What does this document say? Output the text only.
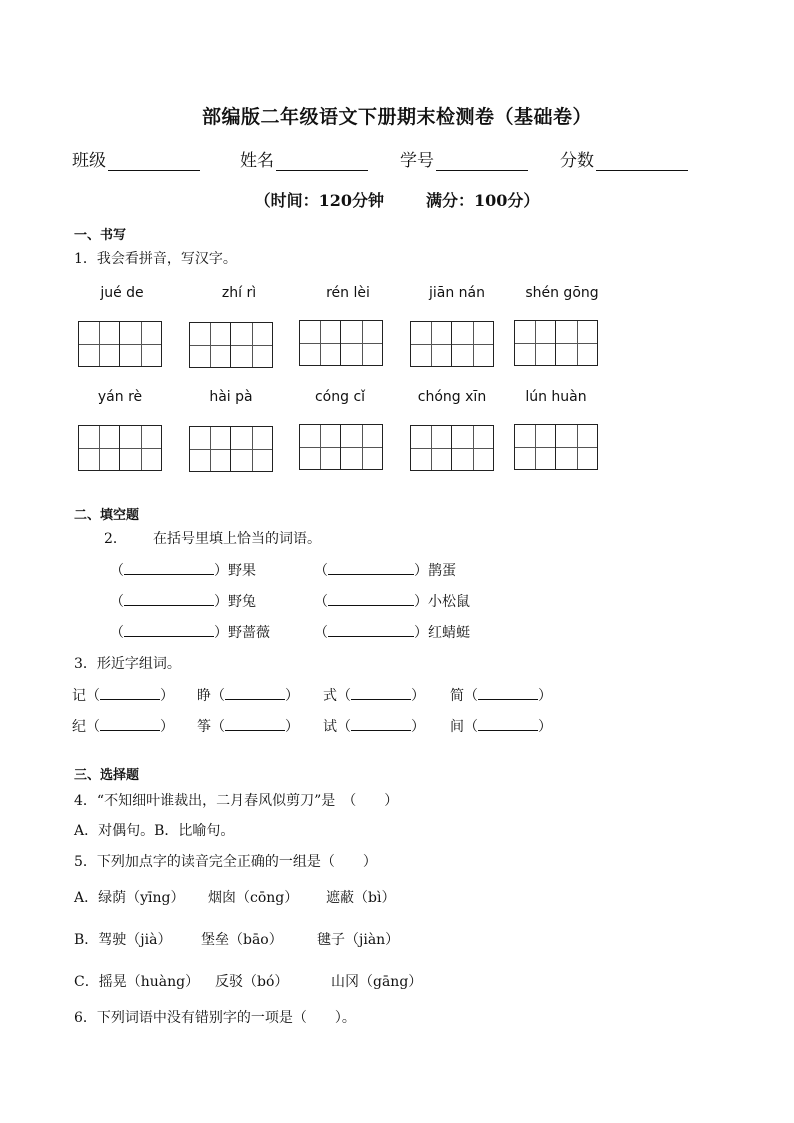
部编版二年级语文下册期末检测卷（基础卷）
班级	姓名	学号	分数
（时间：120分钟	满分：100分）
一、书写
1．我会看拼音，写汉字。
jué de	zhí rì	rén lèi	jiān nán	shén gōng
yán rè	hài pà	cóng cǐ	chóng xīn	lún huàn
二、填空题
2． 在括号里填上恰当的词语。
（	）野果	（	）鹊蛋
（	）野兔	（	）小松鼠
（	）野蔷薇	（	）红蜻蜓
3．形近字组词。
记（	） 睁（	） 式（	） 简（	）
纪（	） 筝（	） 试（	） 间（	）
三、选择题
4．“不知细叶谁裁出，二月春风似剪刀”是　（　　）
A．对偶句。B．比喻句。
5．下列加点字的读音完全正确的一组是（　　）
A．绿荫（yīng） 烟囱（cōng） 遮蔽（bì）
B．驾驶（jià） 堡垒（bāo） 毽子（jiàn）
C．摇晃（huàng） 反驳（bó）	山冈（gāng）
6．下列词语中没有错别字的一项是（　　）。
